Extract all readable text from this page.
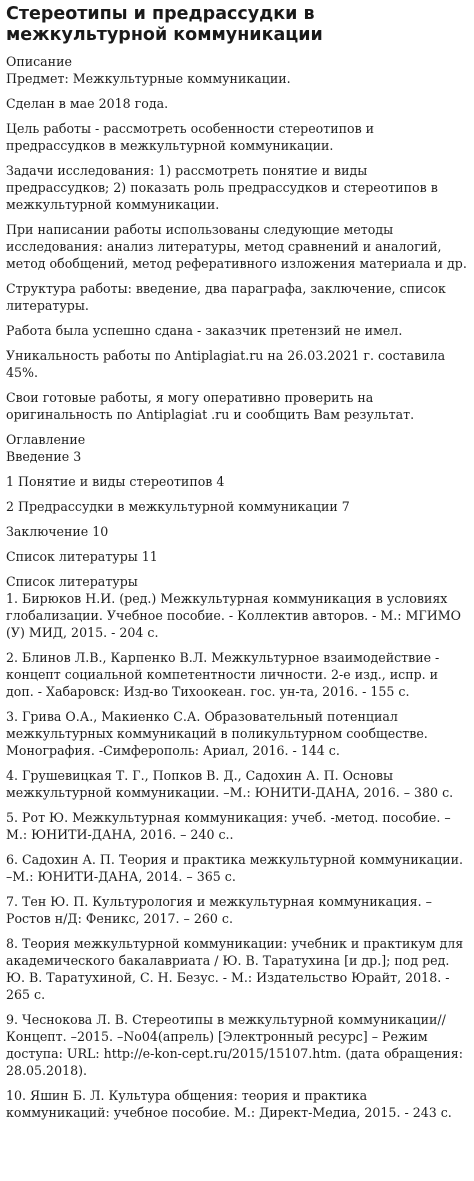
Стереотипы и предрассудки в межкультурной коммуникации
Описание

Предмет: Межкультурные коммуникации.

Сделан в мае 2018 года.

Цель работы - рассмотреть особенности стереотипов и предрассудков в межкультурной коммуникации.

Задачи исследования: 1) рассмотреть понятие и виды предрассудков; 2) показать роль предрассудков и стереотипов в межкультурной коммуникации.

При написании работы использованы следующие методы исследования: анализ литературы, метод сравнений и аналогий, метод обобщений, метод реферативного изложения материала и др.

Структура работы: введение, два параграфа, заключение, список литературы.

Работа была успешно сдана - заказчик претензий не имел.

Уникальность работы по Antiplagiat.ru на 26.03.2021 г. составила 45%.

Свои готовые работы, я могу оперативно проверить на оригинальность по Antiplagiat .ru и сообщить Вам результат.

Оглавление

Введение 3

1 Понятие и виды стереотипов 4

2 Предрассудки в межкультурной коммуникации 7

Заключение 10

Список литературы 11

Список литературы
1. Бирюков Н.И. (ред.) Межкультурная коммуникация в условиях глобализации. Учебное пособие. - Коллектив авторов. - М.: МГИМО (У) МИД, 2015. - 204 с.
2. Блинов Л.В., Карпенко В.Л. Межкультурное взаимодействие - концепт социальной компетентности личности. 2-е изд., испр. и доп. - Хабаровск: Изд-во Тихоокеан. гос. ун-та, 2016. - 155 с.
3. Грива О.А., Макиенко С.А. Образовательный потенциал межкультурных коммуникаций в поликультурном сообществе. Монография. -Симферополь: Ариал, 2016. - 144 с.
4. Грушевицкая Т. Г., Попков В. Д., Садохин А. П. Основы межкультурной коммуникации. –М.: ЮНИТИ-ДАНА, 2016. – 380 с.
5. Рот Ю. Межкультурная коммуникация: учеб. -метод. пособие. –М.: ЮНИТИ-ДАНА, 2016. – 240 с..
6. Садохин А. П. Теория и практика межкультурной коммуникации. –М.: ЮНИТИ-ДАНА, 2014. – 365 с.
7. Тен Ю. П. Культурология и межкультурная коммуникация. – Ростов н/Д: Феникс, 2017. – 260 с.
8. Теория межкультурной коммуникации: учебник и практикум для академического бакалавриата / Ю. В. Таратухина [и др.]; под ред. Ю. В. Таратухиной, С. Н. Безус. - М.: Издательство Юрайт, 2018. - 265 с.
9. Чеснокова Л. В. Стереотипы в межкультурной коммуникации// Концепт. –2015. –No04(апрель) [Электронный ресурс] – Режим доступа: URL: http://e-kon-cept.ru/2015/15107.htm. (дата обращения: 28.05.2018).
10. Яшин Б. Л. Культура общения: теория и практика коммуникаций: учебное пособие. М.: Директ-Медиа, 2015. - 243 с.
